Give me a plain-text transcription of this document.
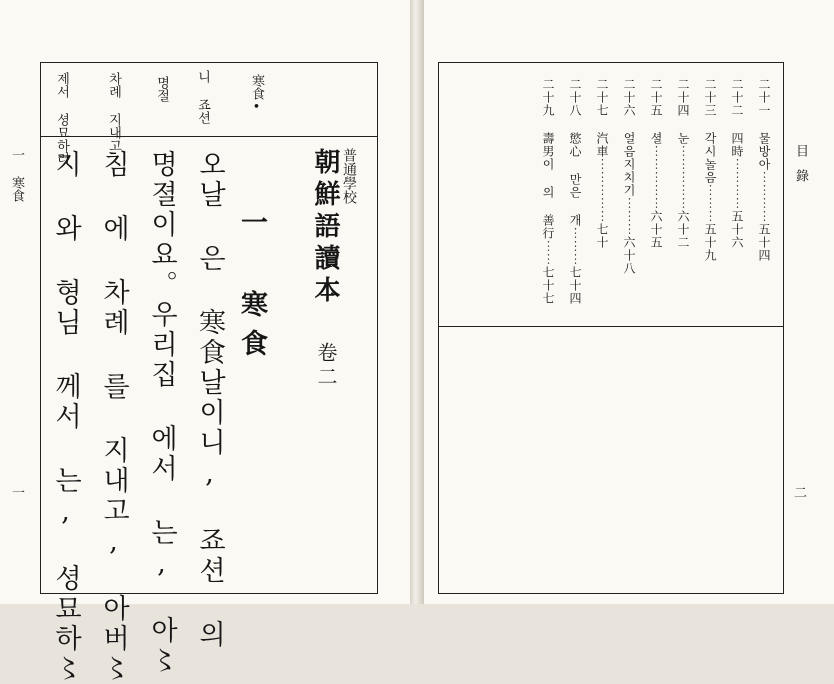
一 寒食
一
寒食•
니 죠션
명절
차례 지내고
제서 셩묘하러
普通學校
朝鮮語讀本
卷二
一 寒食
오날 은 寒食날이니, 죠션 의
명졀이요。우리집 에서 는, 아〻
침 에 차례 를 지내고, 아버〻
지 와 형님 께서 는, 셩묘하〻	目錄
二
二十一 물방아⋯⋯⋯⋯五十四
二十二 四時⋯⋯⋯⋯五十六
二十三 각시놀음⋯⋯⋯五十九
二十四 눈⋯⋯⋯⋯⋯六十二
二十五 셜⋯⋯⋯⋯⋯六十五
二十六 얼음지치기⋯⋯⋯六十八
二十七 汽車⋯⋯⋯⋯⋯七十
二十八 慾心 만은 개⋯⋯⋯七十四
二十九 壽男이 의 善行⋯⋯七十七
